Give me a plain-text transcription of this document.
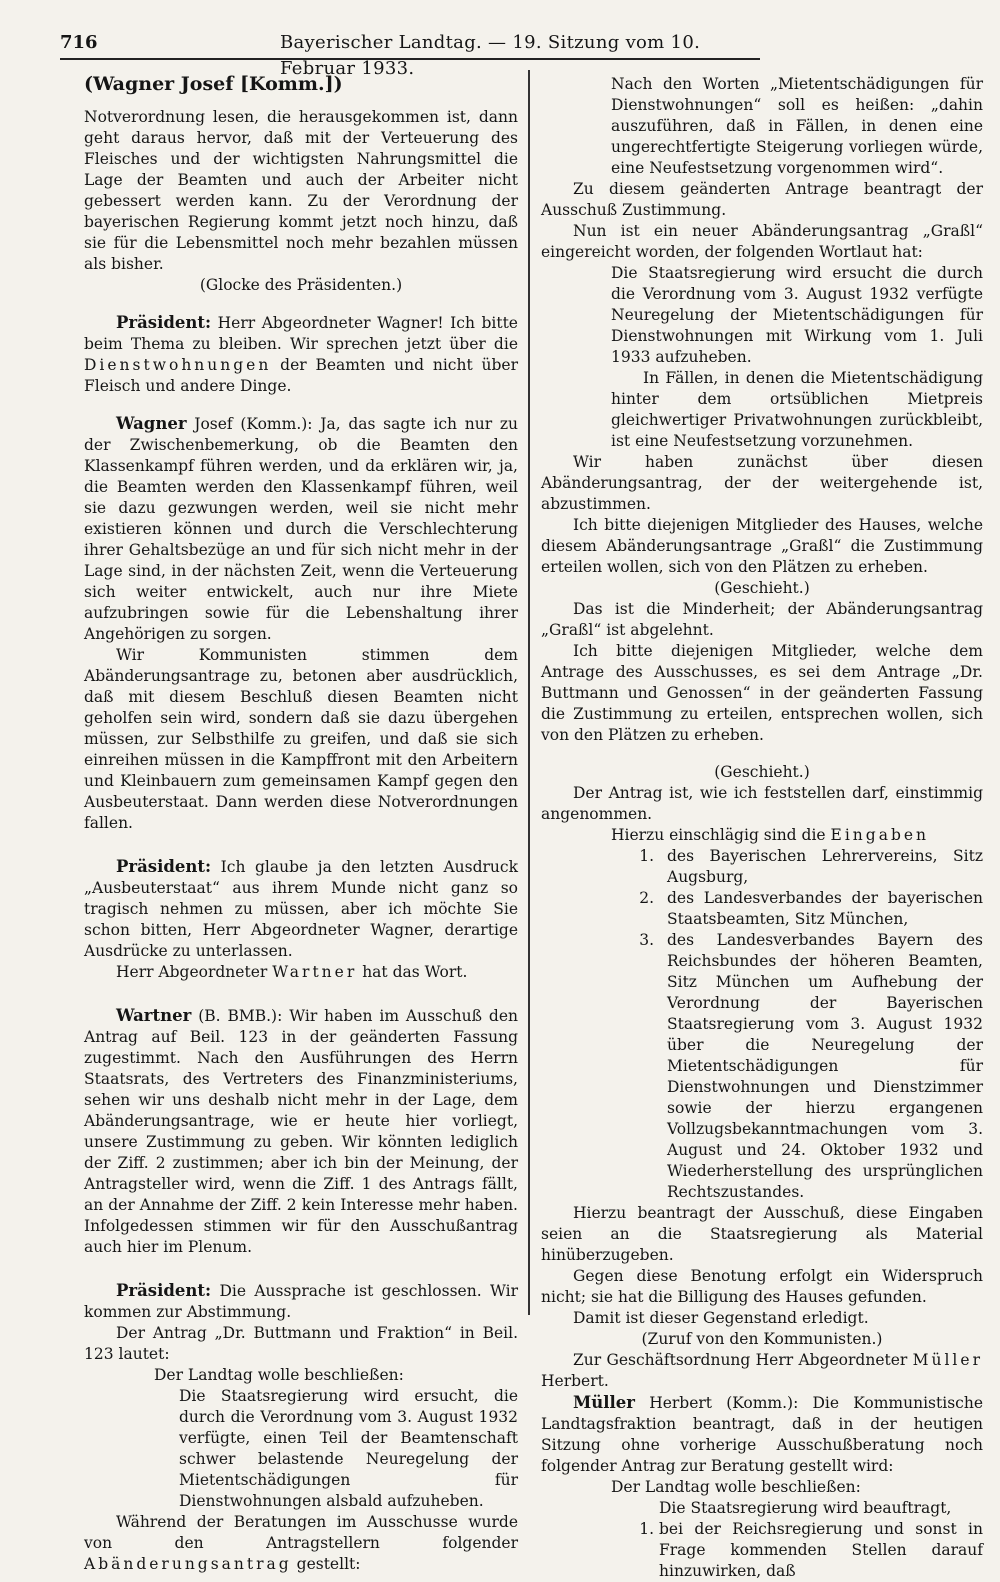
716	Bayerischer Landtag. — 19. Sitzung vom 10. Februar 1933.

(Wagner Josef [Komm.])

Notverordnung lesen, die herausgekommen ist, dann geht daraus hervor, daß mit der Verteuerung des Fleisches und der wichtigsten Nahrungsmittel die Lage der Beamten und auch der Arbeiter nicht gebessert werden kann. Zu der Verordnung der bayerischen Regierung kommt jetzt noch hinzu, daß sie für die Lebensmittel noch mehr bezahlen müssen als bisher.

(Glocke des Präsidenten.)

Präsident: Herr Abgeordneter Wagner! Ich bitte beim Thema zu bleiben. Wir sprechen jetzt über die Dienstwohnungen der Beamten und nicht über Fleisch und andere Dinge.

Wagner Josef (Komm.): Ja, das sagte ich nur zu der Zwischenbemerkung, ob die Beamten den Klassenkampf führen werden, und da erklären wir, ja, die Beamten werden den Klassenkampf führen, weil sie dazu gezwungen werden, weil sie nicht mehr existieren können und durch die Verschlechterung ihrer Gehaltsbezüge an und für sich nicht mehr in der Lage sind, in der nächsten Zeit, wenn die Verteuerung sich weiter entwickelt, auch nur ihre Miete aufzubringen sowie für die Lebenshaltung ihrer Angehörigen zu sorgen.

Wir Kommunisten stimmen dem Abänderungsantrage zu, betonen aber ausdrücklich, daß mit diesem Beschluß diesen Beamten nicht geholfen sein wird, sondern daß sie dazu übergehen müssen, zur Selbsthilfe zu greifen, und daß sie sich einreihen müssen in die Kampffront mit den Arbeitern und Kleinbauern zum gemeinsamen Kampf gegen den Ausbeuterstaat. Dann werden diese Notverordnungen fallen.

Präsident: Ich glaube ja den letzten Ausdruck „Ausbeuterstaat“ aus ihrem Munde nicht ganz so tragisch nehmen zu müssen, aber ich möchte Sie schon bitten, Herr Abgeordneter Wagner, derartige Ausdrücke zu unterlassen.

Herr Abgeordneter Wartner hat das Wort.

Wartner (B. BMB.): Wir haben im Ausschuß den Antrag auf Beil. 123 in der geänderten Fassung zugestimmt. Nach den Ausführungen des Herrn Staatsrats, des Vertreters des Finanzministeriums, sehen wir uns deshalb nicht mehr in der Lage, dem Abänderungsantrage, wie er heute hier vorliegt, unsere Zustimmung zu geben. Wir könnten lediglich der Ziff. 2 zustimmen; aber ich bin der Meinung, der Antragsteller wird, wenn die Ziff. 1 des Antrags fällt, an der Annahme der Ziff. 2 kein Interesse mehr haben. Infolgedessen stimmen wir für den Ausschußantrag auch hier im Plenum.

Präsident: Die Aussprache ist geschlossen. Wir kommen zur Abstimmung.

Der Antrag „Dr. Buttmann und Fraktion“ in Beil. 123 lautet:

Der Landtag wolle beschließen:

Die Staatsregierung wird ersucht, die durch die Verordnung vom 3. August 1932 verfügte, einen Teil der Beamtenschaft schwer belastende Neuregelung der Mietentschädigungen für Dienstwohnungen alsbald aufzuheben.

Während der Beratungen im Ausschusse wurde von den Antragstellern folgender Abänderungsantrag gestellt:

Nach den Worten „Mietentschädigungen für Dienstwohnungen“ soll es heißen: „dahin auszuführen, daß in Fällen, in denen eine ungerechtfertigte Steigerung vorliegen würde, eine Neufestsetzung vorgenommen wird“.

Zu diesem geänderten Antrage beantragt der Ausschuß Zustimmung.

Nun ist ein neuer Abänderungsantrag „Graßl“ eingereicht worden, der folgenden Wortlaut hat:

Die Staatsregierung wird ersucht die durch die Verordnung vom 3. August 1932 verfügte Neuregelung der Mietentschädigungen für Dienstwohnungen mit Wirkung vom 1. Juli 1933 aufzuheben.

In Fällen, in denen die Mietentschädigung hinter dem ortsüblichen Mietpreis gleichwertiger Privatwohnungen zurückbleibt, ist eine Neufestsetzung vorzunehmen.

Wir haben zunächst über diesen Abänderungsantrag, der der weitergehende ist, abzustimmen.

Ich bitte diejenigen Mitglieder des Hauses, welche diesem Abänderungsantrage „Graßl“ die Zustimmung erteilen wollen, sich von den Plätzen zu erheben.

(Geschieht.)

Das ist die Minderheit; der Abänderungsantrag „Graßl“ ist abgelehnt.

Ich bitte diejenigen Mitglieder, welche dem Antrage des Ausschusses, es sei dem Antrage „Dr. Buttmann und Genossen“ in der geänderten Fassung die Zustimmung zu erteilen, entsprechen wollen, sich von den Plätzen zu erheben.

(Geschieht.)

Der Antrag ist, wie ich feststellen darf, einstimmig angenommen.

Hierzu einschlägig sind die Eingaben

1. des Bayerischen Lehrervereins, Sitz Augsburg,
2. des Landesverbandes der bayerischen Staatsbeamten, Sitz München,
3. des Landesverbandes Bayern des Reichsbundes der höheren Beamten, Sitz München um Aufhebung der Verordnung der Bayerischen Staatsregierung vom 3. August 1932 über die Neuregelung der Mietentschädigungen für Dienstwohnungen und Dienstzimmer sowie der hierzu ergangenen Vollzugsbekanntmachungen vom 3. August und 24. Oktober 1932 und Wiederherstellung des ursprünglichen Rechtszustandes.

Hierzu beantragt der Ausschuß, diese Eingaben seien an die Staatsregierung als Material hinüberzugeben.

Gegen diese Benotung erfolgt ein Widerspruch nicht; sie hat die Billigung des Hauses gefunden.

Damit ist dieser Gegenstand erledigt.

(Zuruf von den Kommunisten.)

Zur Geschäftsordnung Herr Abgeordneter Müller Herbert.

Müller Herbert (Komm.): Die Kommunistische Landtagsfraktion beantragt, daß in der heutigen Sitzung ohne vorherige Ausschußberatung noch folgender Antrag zur Beratung gestellt wird:

Der Landtag wolle beschließen:

Die Staatsregierung wird beauftragt,

1. bei der Reichsregierung und sonst in Frage kommenden Stellen darauf hinzuwirken, daß
